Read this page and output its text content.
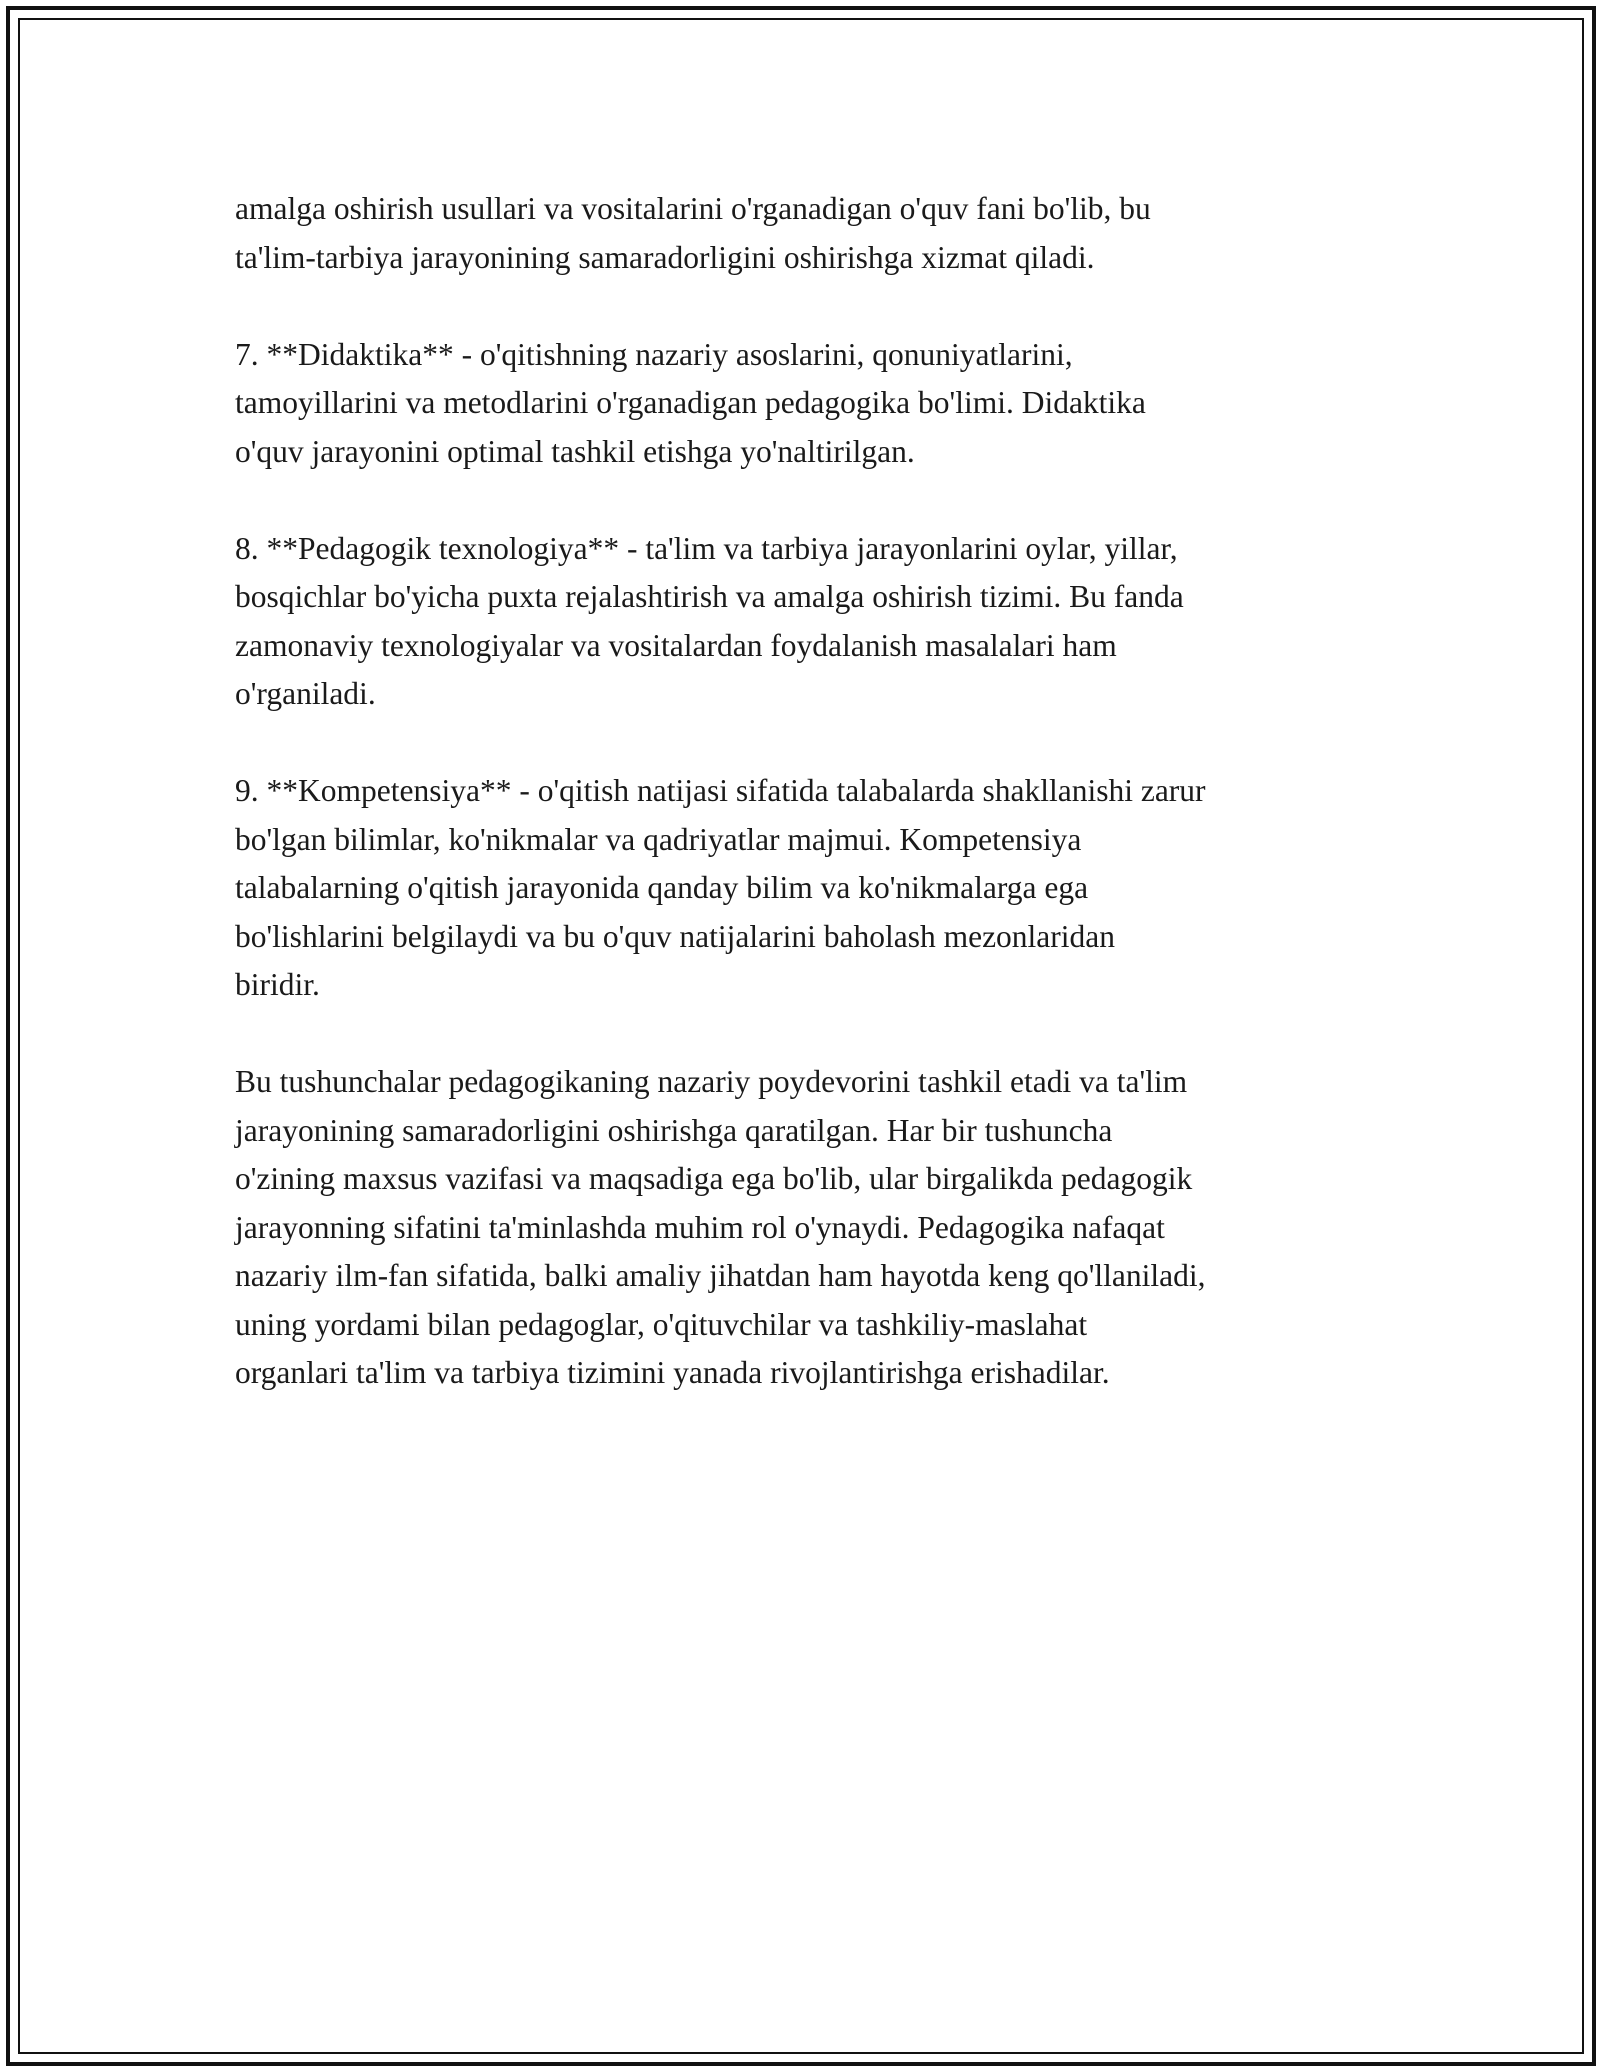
amalga oshirish usullari va vositalarini o'rganadigan o'quv fani bo'lib, bu
ta'lim-tarbiya jarayonining samaradorligini oshirishga xizmat qiladi.

7. **Didaktika** - o'qitishning nazariy asoslarini, qonuniyatlarini,
tamoyillarini va metodlarini o'rganadigan pedagogika bo'limi. Didaktika
o'quv jarayonini optimal tashkil etishga yo'naltirilgan.

8. **Pedagogik texnologiya** - ta'lim va tarbiya jarayonlarini oylar, yillar,
bosqichlar bo'yicha puxta rejalashtirish va amalga oshirish tizimi. Bu fanda
zamonaviy texnologiyalar va vositalardan foydalanish masalalari ham
o'rganiladi.

9. **Kompetensiya** - o'qitish natijasi sifatida talabalarda shakllanishi zarur
bo'lgan bilimlar, ko'nikmalar va qadriyatlar majmui. Kompetensiya
talabalarning o'qitish jarayonida qanday bilim va ko'nikmalarga ega
bo'lishlarini belgilaydi va bu o'quv natijalarini baholash mezonlaridan
biridir.

Bu tushunchalar pedagogikaning nazariy poydevorini tashkil etadi va ta'lim
jarayonining samaradorligini oshirishga qaratilgan. Har bir tushuncha
o'zining maxsus vazifasi va maqsadiga ega bo'lib, ular birgalikda pedagogik
jarayonning sifatini ta'minlashda muhim rol o'ynaydi. Pedagogika nafaqat
nazariy ilm-fan sifatida, balki amaliy jihatdan ham hayotda keng qo'llaniladi,
uning yordami bilan pedagoglar, o'qituvchilar va tashkiliy-maslahat
organlari ta'lim va tarbiya tizimini yanada rivojlantirishga erishadilar.
